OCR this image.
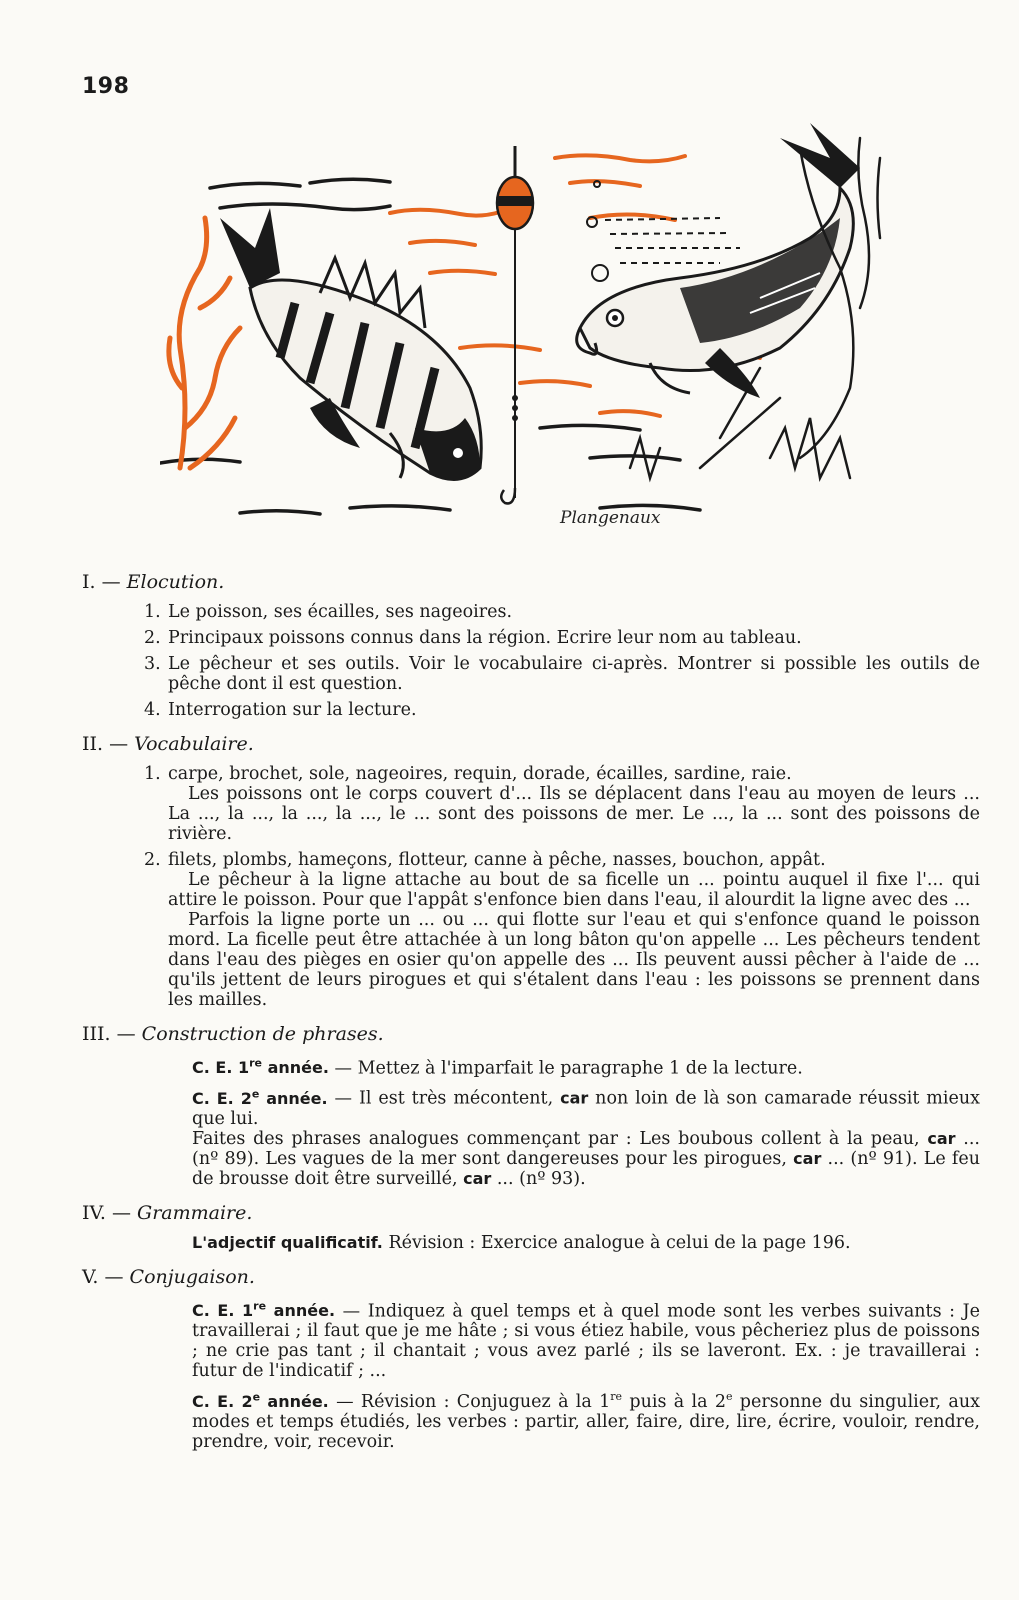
198
Plangenaux
I. — Elocution.
1. Le poisson, ses écailles, ses nageoires.
2. Principaux poissons connus dans la région. Ecrire leur nom au tableau.
3. Le pêcheur et ses outils. Voir le vocabulaire ci-après. Montrer si possible les outils de pêche dont il est question.
4. Interrogation sur la lecture.
II. — Vocabulaire.
1. carpe, brochet, sole, nageoires, requin, dorade, écailles, sardine, raie.
Les poissons ont le corps couvert d'... Ils se déplacent dans l'eau au moyen de leurs ... La ..., la ..., la ..., la ..., le ... sont des poissons de mer. Le ..., la ... sont des poissons de rivière.
2. filets, plombs, hameçons, flotteur, canne à pêche, nasses, bouchon, appât.
Le pêcheur à la ligne attache au bout de sa ficelle un ... pointu auquel il fixe l'... qui attire le poisson. Pour que l'appât s'enfonce bien dans l'eau, il alourdit la ligne avec des ...
Parfois la ligne porte un ... ou ... qui flotte sur l'eau et qui s'enfonce quand le poisson mord. La ficelle peut être attachée à un long bâton qu'on appelle ... Les pêcheurs tendent dans l'eau des pièges en osier qu'on appelle des ... Ils peuvent aussi pêcher à l'aide de ... qu'ils jettent de leurs pirogues et qui s'étalent dans l'eau : les poissons se prennent dans les mailles.
III. — Construction de phrases.
C. E. 1re année. — Mettez à l'imparfait le paragraphe 1 de la lecture.
C. E. 2e année. — Il est très mécontent, car non loin de là son camarade réussit mieux que lui.
Faites des phrases analogues commençant par : Les boubous collent à la peau, car ... (nº 89). Les vagues de la mer sont dangereuses pour les pirogues, car ... (nº 91). Le feu de brousse doit être surveillé, car ... (nº 93).
IV. — Grammaire.
L'adjectif qualificatif. Révision : Exercice analogue à celui de la page 196.
V. — Conjugaison.
C. E. 1re année. — Indiquez à quel temps et à quel mode sont les verbes suivants : Je travaillerai ; il faut que je me hâte ; si vous étiez habile, vous pêcheriez plus de poissons ; ne crie pas tant ; il chantait ; vous avez parlé ; ils se laveront. Ex. : je travaillerai : futur de l'indicatif ; ...
C. E. 2e année. — Révision : Conjuguez à la 1re puis à la 2e personne du singulier, aux modes et temps étudiés, les verbes : partir, aller, faire, dire, lire, écrire, vouloir, rendre, prendre, voir, recevoir.
